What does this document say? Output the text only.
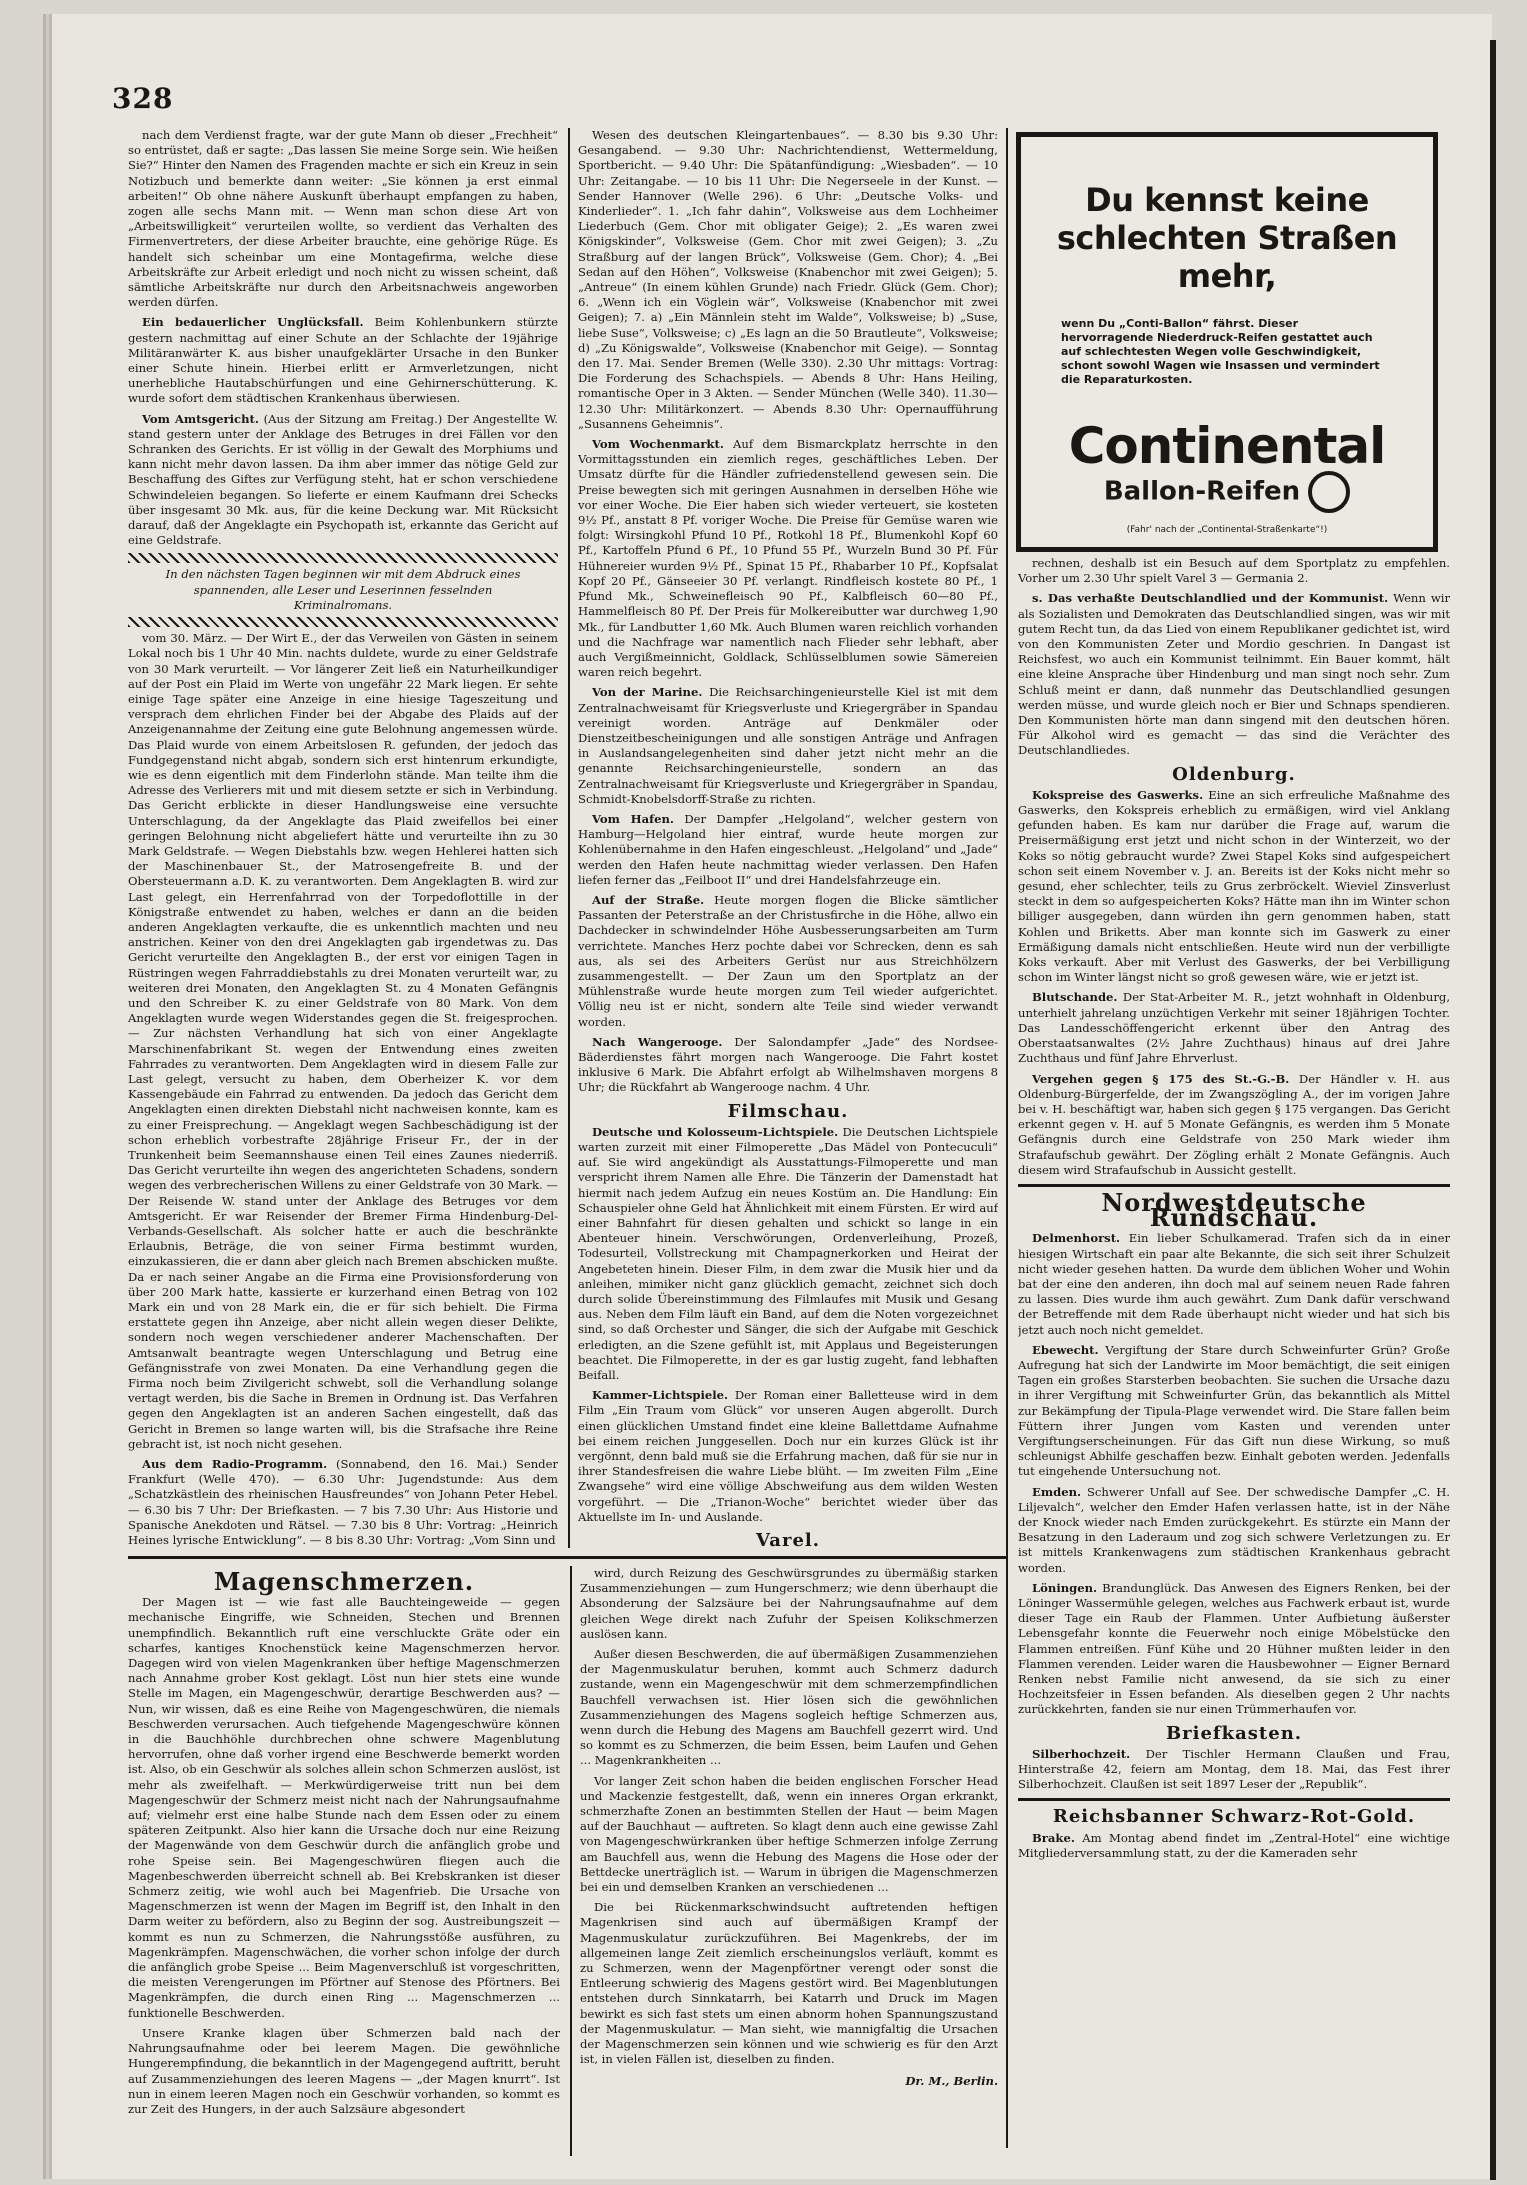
328

nach dem Verdienst fragte, war der gute Mann ob dieser „Frechheit“ so entrüstet, daß er sagte: „Das lassen Sie meine Sorge sein. Wie heißen Sie?“ Hinter den Namen des Fragenden machte er sich ein Kreuz in sein Notizbuch und bemerkte dann weiter: „Sie können ja erst einmal arbeiten!“ Ob ohne nähere Auskunft überhaupt empfangen zu haben, zogen alle sechs Mann mit. — Wenn man schon diese Art von „Arbeitswilligkeit“ verurteilen wollte, so verdient das Verhalten des Firmenvertreters, der diese Arbeiter brauchte, eine gehörige Rüge. Es handelt sich scheinbar um eine Montagefirma, welche diese Arbeitskräfte zur Arbeit erledigt und noch nicht zu wissen scheint, daß sämtliche Arbeitskräfte nur durch den Arbeitsnachweis angeworben werden dürfen.

Ein bedauerlicher Unglücksfall. Beim Kohlenbunkern stürzte gestern nachmittag auf einer Schute an der Schlachte der 19jährige Militäranwärter K. aus bisher unaufgeklärter Ursache in den Bunker einer Schute hinein. Hierbei erlitt er Armverletzungen, nicht unerhebliche Hautabschürfungen und eine Gehirnerschütterung. K. wurde sofort dem städtischen Krankenhaus überwiesen.

Vom Amtsgericht. (Aus der Sitzung am Freitag.) Der Angestellte W. stand gestern unter der Anklage des Betruges in drei Fällen vor den Schranken des Gerichts. Er ist völlig in der Gewalt des Morphiums und kann nicht mehr davon lassen. Da ihm aber immer das nötige Geld zur Beschaffung des Giftes zur Verfügung steht, hat er schon verschiedene Schwindeleien begangen. So lieferte er einem Kaufmann drei Schecks über insgesamt 30 Mk. aus, für die keine Deckung war. Mit Rücksicht darauf, daß der Angeklagte ein Psychopath ist, erkannte das Gericht auf eine Geldstrafe.

In den nächsten Tagen beginnen wir mit dem Abdruck eines spannenden, alle Leser und Leserinnen fesselnden Kriminalromans.

vom 30. März. — Der Wirt E., der das Verweilen von Gästen in seinem Lokal noch bis 1 Uhr 40 Min. nachts duldete, wurde zu einer Geldstrafe von 30 Mark verurteilt. — Vor längerer Zeit ließ ein Naturheilkundiger auf der Post ein Plaid im Werte von ungefähr 22 Mark liegen. Er sehte einige Tage später eine Anzeige in eine hiesige Tageszeitung und versprach dem ehrlichen Finder bei der Abgabe des Plaids auf der Anzeigenannahme der Zeitung eine gute Belohnung angemessen würde. Das Plaid wurde von einem Arbeitslosen R. gefunden, der jedoch das Fundgegenstand nicht abgab, sondern sich erst hintenrum erkundigte, wie es denn eigentlich mit dem Finderlohn stände. Man teilte ihm die Adresse des Verlierers mit und mit diesem setzte er sich in Verbindung. Das Gericht erblickte in dieser Handlungsweise eine versuchte Unterschlagung, da der Angeklagte das Plaid zweifellos bei einer geringen Belohnung nicht abgeliefert hätte und verurteilte ihn zu 30 Mark Geldstrafe. — Wegen Diebstahls bzw. wegen Hehlerei hatten sich der Maschinenbauer St., der Matrosengefreite B. und der Obersteuermann a.D. K. zu verantworten. Dem Angeklagten B. wird zur Last gelegt, ein Herrenfahrrad von der Torpedoflottille in der Königstraße entwendet zu haben, welches er dann an die beiden anderen Angeklagten verkaufte, die es unkenntlich machten und neu anstrichen. Keiner von den drei Angeklagten gab irgendetwas zu. Das Gericht verurteilte den Angeklagten B., der erst vor einigen Tagen in Rüstringen wegen Fahrraddiebstahls zu drei Monaten verurteilt war, zu weiteren drei Monaten, den Angeklagten St. zu 4 Monaten Gefängnis und den Schreiber K. zu einer Geldstrafe von 80 Mark. Von dem Angeklagten wurde wegen Widerstandes gegen die St. freigesprochen. — Zur nächsten Verhandlung hat sich von einer Angeklagte Marschinenfabrikant St. wegen der Entwendung eines zweiten Fahrrades zu verantworten. Dem Angeklagten wird in diesem Falle zur Last gelegt, versucht zu haben, dem Oberheizer K. vor dem Kassengebäude ein Fahrrad zu entwenden. Da jedoch das Gericht dem Angeklagten einen direkten Diebstahl nicht nachweisen konnte, kam es zu einer Freisprechung. — Angeklagt wegen Sachbeschädigung ist der schon erheblich vorbestrafte 28jährige Friseur Fr., der in der Trunkenheit beim Seemannshause einen Teil eines Zaunes niederriß. Das Gericht verurteilte ihn wegen des angerichteten Schadens, sondern wegen des verbrecherischen Willens zu einer Geldstrafe von 30 Mark. — Der Reisende W. stand unter der Anklage des Betruges vor dem Amtsgericht. Er war Reisender der Bremer Firma Hindenburg-Del-Verbands-Gesellschaft. Als solcher hatte er auch die beschränkte Erlaubnis, Beträge, die von seiner Firma bestimmt wurden, einzukassieren, die er dann aber gleich nach Bremen abschicken mußte. Da er nach seiner Angabe an die Firma eine Provisionsforderung von über 200 Mark hatte, kassierte er kurzerhand einen Betrag von 102 Mark ein und von 28 Mark ein, die er für sich behielt. Die Firma erstattete gegen ihn Anzeige, aber nicht allein wegen dieser Delikte, sondern noch wegen verschiedener anderer Machenschaften. Der Amtsanwalt beantragte wegen Unterschlagung und Betrug eine Gefängnisstrafe von zwei Monaten. Da eine Verhandlung gegen die Firma noch beim Zivilgericht schwebt, soll die Verhandlung solange vertagt werden, bis die Sache in Bremen in Ordnung ist. Das Verfahren gegen den Angeklagten ist an anderen Sachen eingestellt, daß das Gericht in Bremen so lange warten will, bis die Strafsache ihre Reine gebracht ist, ist noch nicht gesehen.

Aus dem Radio-Programm. (Sonnabend, den 16. Mai.) Sender Frankfurt (Welle 470). — 6.30 Uhr: Jugendstunde: Aus dem „Schatzkästlein des rheinischen Hausfreundes“ von Johann Peter Hebel. — 6.30 bis 7 Uhr: Der Briefkasten. — 7 bis 7.30 Uhr: Aus Historie und Spanische Anekdoten und Rätsel. — 7.30 bis 8 Uhr: Vortrag: „Heinrich Heines lyrische Entwicklung“. — 8 bis 8.30 Uhr: Vortrag: „Vom Sinn und

Wesen des deutschen Kleingartenbaues“. — 8.30 bis 9.30 Uhr: Gesangabend. — 9.30 Uhr: Nachrichtendienst, Wettermeldung, Sportbericht. — 9.40 Uhr: Die Spätanfündigung: „Wiesbaden“. — 10 Uhr: Zeitangabe. — 10 bis 11 Uhr: Die Negerseele in der Kunst. — Sender Hannover (Welle 296). 6 Uhr: „Deutsche Volks- und Kinderlieder“. 1. „Ich fahr dahin“, Volksweise aus dem Lochheimer Liederbuch (Gem. Chor mit obligater Geige); 2. „Es waren zwei Königskinder“, Volksweise (Gem. Chor mit zwei Geigen); 3. „Zu Straßburg auf der langen Brück“, Volksweise (Gem. Chor); 4. „Bei Sedan auf den Höhen“, Volksweise (Knabenchor mit zwei Geigen); 5. „Antreue“ (In einem kühlen Grunde) nach Friedr. Glück (Gem. Chor); 6. „Wenn ich ein Vöglein wär“, Volksweise (Knabenchor mit zwei Geigen); 7. a) „Ein Männlein steht im Walde“, Volksweise; b) „Suse, liebe Suse“, Volksweise; c) „Es lagn an die 50 Brautleute“, Volksweise; d) „Zu Königswalde“, Volksweise (Knabenchor mit Geige). — Sonntag den 17. Mai. Sender Bremen (Welle 330). 2.30 Uhr mittags: Vortrag: Die Forderung des Schachspiels. — Abends 8 Uhr: Hans Heiling, romantische Oper in 3 Akten. — Sender München (Welle 340). 11.30—12.30 Uhr: Militärkonzert. — Abends 8.30 Uhr: Opernaufführung „Susannens Geheimnis“.

Vom Wochenmarkt. Auf dem Bismarckplatz herrschte in den Vormittagsstunden ein ziemlich reges, geschäftliches Leben. Der Umsatz dürfte für die Händler zufriedenstellend gewesen sein. Die Preise bewegten sich mit geringen Ausnahmen in derselben Höhe wie vor einer Woche. Die Eier haben sich wieder verteuert, sie kosteten 9½ Pf., anstatt 8 Pf. voriger Woche. Die Preise für Gemüse waren wie folgt: Wirsingkohl Pfund 10 Pf., Rotkohl 18 Pf., Blumenkohl Kopf 60 Pf., Kartoffeln Pfund 6 Pf., 10 Pfund 55 Pf., Wurzeln Bund 30 Pf. Für Hühnereier wurden 9½ Pf., Spinat 15 Pf., Rhabarber 10 Pf., Kopfsalat Kopf 20 Pf., Gänseeier 30 Pf. verlangt. Rindfleisch kostete 80 Pf., 1 Pfund Mk., Schweinefleisch 90 Pf., Kalbfleisch 60—80 Pf., Hammelfleisch 80 Pf. Der Preis für Molkereibutter war durchweg 1,90 Mk., für Landbutter 1,60 Mk. Auch Blumen waren reichlich vorhanden und die Nachfrage war namentlich nach Flieder sehr lebhaft, aber auch Vergißmeinnicht, Goldlack, Schlüsselblumen sowie Sämereien waren reich begehrt.

Von der Marine. Die Reichsarchingenieurstelle Kiel ist mit dem Zentralnachweisamt für Kriegsverluste und Kriegergräber in Spandau vereinigt worden. Anträge auf Denkmäler oder Dienstzeitbescheinigungen und alle sonstigen Anträge und Anfragen in Auslandsangelegenheiten sind daher jetzt nicht mehr an die genannte Reichsarchingenieurstelle, sondern an das Zentralnachweisamt für Kriegsverluste und Kriegergräber in Spandau, Schmidt-Knobelsdorff-Straße zu richten.

Vom Hafen. Der Dampfer „Helgoland“, welcher gestern von Hamburg—Helgoland hier eintraf, wurde heute morgen zur Kohlenübernahme in den Hafen eingeschleust. „Helgoland“ und „Jade“ werden den Hafen heute nachmittag wieder verlassen. Den Hafen liefen ferner das „Feilboot II“ und drei Handelsfahrzeuge ein.

Auf der Straße. Heute morgen flogen die Blicke sämtlicher Passanten der Peterstraße an der Christusfirche in die Höhe, allwo ein Dachdecker in schwindelnder Höhe Ausbesserungsarbeiten am Turm verrichtete. Manches Herz pochte dabei vor Schrecken, denn es sah aus, als sei des Arbeiters Gerüst nur aus Streichhölzern zusammengestellt. — Der Zaun um den Sportplatz an der Mühlenstraße wurde heute morgen zum Teil wieder aufgerichtet. Völlig neu ist er nicht, sondern alte Teile sind wieder verwandt worden.

Nach Wangerooge. Der Salondampfer „Jade“ des Nordsee-Bäderdienstes fährt morgen nach Wangerooge. Die Fahrt kostet inklusive 6 Mark. Die Abfahrt erfolgt ab Wilhelmshaven morgens 8 Uhr; die Rückfahrt ab Wangerooge nachm. 4 Uhr.

Filmschau.

Deutsche und Kolosseum-Lichtspiele. Die Deutschen Lichtspiele warten zurzeit mit einer Filmoperette „Das Mädel von Pontecuculi“ auf. Sie wird angekündigt als Ausstattungs-Filmoperette und man verspricht ihrem Namen alle Ehre. Die Tänzerin der Damenstadt hat hiermit nach jedem Aufzug ein neues Kostüm an. Die Handlung: Ein Schauspieler ohne Geld hat Ähnlichkeit mit einem Fürsten. Er wird auf einer Bahnfahrt für diesen gehalten und schickt so lange in ein Abenteuer hinein. Verschwörungen, Ordenverleihung, Prozeß, Todesurteil, Vollstreckung mit Champagnerkorken und Heirat der Angebeteten hinein. Dieser Film, in dem zwar die Musik hier und da anleihen, mimiker nicht ganz glücklich gemacht, zeichnet sich doch durch solide Übereinstimmung des Filmlaufes mit Musik und Gesang aus. Neben dem Film läuft ein Band, auf dem die Noten vorgezeichnet sind, so daß Orchester und Sänger, die sich der Aufgabe mit Geschick erledigten, an die Szene gefühlt ist, mit Applaus und Begeisterungen beachtet. Die Filmoperette, in der es gar lustig zugeht, fand lebhaften Beifall.

Kammer-Lichtspiele. Der Roman einer Balletteuse wird in dem Film „Ein Traum vom Glück“ vor unseren Augen abgerollt. Durch einen glücklichen Umstand findet eine kleine Ballettdame Aufnahme bei einem reichen Junggesellen. Doch nur ein kurzes Glück ist ihr vergönnt, denn bald muß sie die Erfahrung machen, daß für sie nur in ihrer Standesfreisen die wahre Liebe blüht. — Im zweiten Film „Eine Zwangsehe“ wird eine völlige Abschweifung aus dem wilden Westen vorgeführt. — Die „Trianon-Woche“ berichtet wieder über das Aktuellste im In- und Auslande.

Varel.

Du kennst keine schlechten Straßen mehr,
wenn Du „Conti-Ballon“ fährst. Dieser hervorragende Niederdruck-Reifen gestattet auch auf schlechtesten Wegen volle Geschwindigkeit, schont sowohl Wagen wie Insassen und vermindert die Reparaturkosten.
Continental
Ballon-Reifen
(Fahr' nach der „Continental-Straßenkarte“!)

rechnen, deshalb ist ein Besuch auf dem Sportplatz zu empfehlen. Vorher um 2.30 Uhr spielt Varel 3 — Germania 2.

s. Das verhaßte Deutschlandlied und der Kommunist. Wenn wir als Sozialisten und Demokraten das Deutschlandlied singen, was wir mit gutem Recht tun, da das Lied von einem Republikaner gedichtet ist, wird von den Kommunisten Zeter und Mordio geschrien. In Dangast ist Reichsfest, wo auch ein Kommunist teilnimmt. Ein Bauer kommt, hält eine kleine Ansprache über Hindenburg und man singt noch sehr. Zum Schluß meint er dann, daß nunmehr das Deutschlandlied gesungen werden müsse, und wurde gleich noch er Bier und Schnaps spendieren. Den Kommunisten hörte man dann singend mit den deutschen hören. Für Alkohol wird es gemacht — das sind die Verächter des Deutschlandliedes.

Oldenburg.

Kokspreise des Gaswerks. Eine an sich erfreuliche Maßnahme des Gaswerks, den Kokspreis erheblich zu ermäßigen, wird viel Anklang gefunden haben. Es kam nur darüber die Frage auf, warum die Preisermäßigung erst jetzt und nicht schon in der Winterzeit, wo der Koks so nötig gebraucht wurde? Zwei Stapel Koks sind aufgespeichert schon seit einem November v. J. an. Bereits ist der Koks nicht mehr so gesund, eher schlechter, teils zu Grus zerbröckelt. Wieviel Zinsverlust steckt in dem so aufgespeicherten Koks? Hätte man ihn im Winter schon billiger ausgegeben, dann würden ihn gern genommen haben, statt Kohlen und Briketts. Aber man konnte sich im Gaswerk zu einer Ermäßigung damals nicht entschließen. Heute wird nun der verbilligte Koks verkauft. Aber mit Verlust des Gaswerks, der bei Verbilligung schon im Winter längst nicht so groß gewesen wäre, wie er jetzt ist.

Blutschande. Der Stat-Arbeiter M. R., jetzt wohnhaft in Oldenburg, unterhielt jahrelang unzüchtigen Verkehr mit seiner 18jährigen Tochter. Das Landesschöffengericht erkennt über den Antrag des Oberstaatsanwaltes (2½ Jahre Zuchthaus) hinaus auf drei Jahre Zuchthaus und fünf Jahre Ehrverlust.

Vergehen gegen § 175 des St.-G.-B. Der Händler v. H. aus Oldenburg-Bürgerfelde, der im Zwangszögling A., der im vorigen Jahre bei v. H. beschäftigt war, haben sich gegen § 175 vergangen. Das Gericht erkennt gegen v. H. auf 5 Monate Gefängnis, es werden ihm 5 Monate Gefängnis durch eine Geldstrafe von 250 Mark wieder ihm Strafaufschub gewährt. Der Zögling erhält 2 Monate Gefängnis. Auch diesem wird Strafaufschub in Aussicht gestellt.

Nordwestdeutsche Rundschau.

Delmenhorst. Ein lieber Schulkamerad. Trafen sich da in einer hiesigen Wirtschaft ein paar alte Bekannte, die sich seit ihrer Schulzeit nicht wieder gesehen hatten. Da wurde dem üblichen Woher und Wohin bat der eine den anderen, ihn doch mal auf seinem neuen Rade fahren zu lassen. Dies wurde ihm auch gewährt. Zum Dank dafür verschwand der Betreffende mit dem Rade überhaupt nicht wieder und hat sich bis jetzt auch noch nicht gemeldet.

Ebewecht. Vergiftung der Stare durch Schweinfurter Grün? Große Aufregung hat sich der Landwirte im Moor bemächtigt, die seit einigen Tagen ein großes Starsterben beobachten. Sie suchen die Ursache dazu in ihrer Vergiftung mit Schweinfurter Grün, das bekanntlich als Mittel zur Bekämpfung der Tipula-Plage verwendet wird. Die Stare fallen beim Füttern ihrer Jungen vom Kasten und verenden unter Vergiftungserscheinungen. Für das Gift nun diese Wirkung, so muß schleunigst Abhilfe geschaffen bezw. Einhalt geboten werden. Jedenfalls tut eingehende Untersuchung not.

Emden. Schwerer Unfall auf See. Der schwedische Dampfer „C. H. Liljevalch“, welcher den Emder Hafen verlassen hatte, ist in der Nähe der Knock wieder nach Emden zurückgekehrt. Es stürzte ein Mann der Besatzung in den Laderaum und zog sich schwere Verletzungen zu. Er ist mittels Krankenwagens zum städtischen Krankenhaus gebracht worden.

Löningen. Brandunglück. Das Anwesen des Eigners Renken, bei der Löninger Wassermühle gelegen, welches aus Fachwerk erbaut ist, wurde dieser Tage ein Raub der Flammen. Unter Aufbietung äußerster Lebensgefahr konnte die Feuerwehr noch einige Möbelstücke den Flammen entreißen. Fünf Kühe und 20 Hühner mußten leider in den Flammen verenden. Leider waren die Hausbewohner — Eigner Bernard Renken nebst Familie nicht anwesend, da sie sich zu einer Hochzeitsfeier in Essen befanden. Als dieselben gegen 2 Uhr nachts zurückkehrten, fanden sie nur einen Trümmerhaufen vor.

Briefkasten.

Silberhochzeit. Der Tischler Hermann Claußen und Frau, Hinterstraße 42, feiern am Montag, dem 18. Mai, das Fest ihrer Silberhochzeit. Claußen ist seit 1897 Leser der „Republik“.

Reichsbanner Schwarz-Rot-Gold.

Brake. Am Montag abend findet im „Zentral-Hotel“ eine wichtige Mitgliederversammlung statt, zu der die Kameraden sehr

Magenschmerzen.

Der Magen ist — wie fast alle Bauchteingeweide — gegen mechanische Eingriffe, wie Schneiden, Stechen und Brennen unempfindlich. Bekanntlich ruft eine verschluckte Gräte oder ein scharfes, kantiges Knochenstück keine Magenschmerzen hervor. Dagegen wird von vielen Magenkranken über heftige Magenschmerzen nach Annahme grober Kost geklagt. Löst nun hier stets eine wunde Stelle im Magen, ein Magengeschwür, derartige Beschwerden aus? — Nun, wir wissen, daß es eine Reihe von Magengeschwüren, die niemals Beschwerden verursachen. Auch tiefgehende Magengeschwüre können in die Bauchhöhle durchbrechen ohne schwere Magenblutung hervorrufen, ohne daß vorher irgend eine Beschwerde bemerkt worden ist. Also, ob ein Geschwür als solches allein schon Schmerzen auslöst, ist mehr als zweifelhaft. — Merkwürdigerweise tritt nun bei dem Magengeschwür der Schmerz meist nicht nach der Nahrungsaufnahme auf; vielmehr erst eine halbe Stunde nach dem Essen oder zu einem späteren Zeitpunkt. Also hier kann die Ursache doch nur eine Reizung der Magenwände von dem Geschwür durch die anfänglich grobe und rohe Speise sein. Bei Magengeschwüren fliegen auch die Magenbeschwerden überreicht schnell ab. Bei Krebskranken ist dieser Schmerz zeitig, wie wohl auch bei Magenfrieb. Die Ursache von Magenschmerzen ist wenn der Magen im Begriff ist, den Inhalt in den Darm weiter zu befördern, also zu Beginn der sog. Austreibungszeit — kommt es nun zu Schmerzen, die Nahrungsstöße ausführen, zu Magenkrämpfen. Magenschwächen, die vorher schon infolge der durch die anfänglich grobe Speise ... Beim Magenverschluß ist vorgeschritten, die meisten Verengerungen im Pförtner auf Stenose des Pförtners. Bei Magenkrämpfen, die durch einen Ring ... Magenschmerzen ... funktionelle Beschwerden.

Unsere Kranke klagen über Schmerzen bald nach der Nahrungsaufnahme oder bei leerem Magen. Die gewöhnliche Hungerempfindung, die bekanntlich in der Magengegend auftritt, beruht auf Zusammenziehungen des leeren Magens — „der Magen knurrt“. Ist nun in einem leeren Magen noch ein Geschwür vorhanden, so kommt es zur Zeit des Hungers, in der auch Salzsäure abgesondert

wird, durch Reizung des Geschwürsgrundes zu übermäßig starken Zusammenziehungen — zum Hungerschmerz; wie denn überhaupt die Absonderung der Salzsäure bei der Nahrungsaufnahme auf dem gleichen Wege direkt nach Zufuhr der Speisen Kolikschmerzen auslösen kann.

Außer diesen Beschwerden, die auf übermäßigen Zusammenziehen der Magenmuskulatur beruhen, kommt auch Schmerz dadurch zustande, wenn ein Magengeschwür mit dem schmerzempfindlichen Bauchfell verwachsen ist. Hier lösen sich die gewöhnlichen Zusammenziehungen des Magens sogleich heftige Schmerzen aus, wenn durch die Hebung des Magens am Bauchfell gezerrt wird. Und so kommt es zu Schmerzen, die beim Essen, beim Laufen und Gehen ... Magenkrankheiten ...

Vor langer Zeit schon haben die beiden englischen Forscher Head und Mackenzie festgestellt, daß, wenn ein inneres Organ erkrankt, schmerzhafte Zonen an bestimmten Stellen der Haut — beim Magen auf der Bauchhaut — auftreten. So klagt denn auch eine gewisse Zahl von Magengeschwürkranken über heftige Schmerzen infolge Zerrung am Bauchfell aus, wenn die Hebung des Magens die Hose oder der Bettdecke unerträglich ist. — Warum in übrigen die Magenschmerzen bei ein und demselben Kranken an verschiedenen ...

Die bei Rückenmarkschwindsucht auftretenden heftigen Magenkrisen sind auch auf übermäßigen Krampf der Magenmuskulatur zurückzuführen. Bei Magenkrebs, der im allgemeinen lange Zeit ziemlich erscheinungslos verläuft, kommt es zu Schmerzen, wenn der Magenpförtner verengt oder sonst die Entleerung schwierig des Magens gestört wird. Bei Magenblutungen entstehen durch Sinnkatarrh, bei Katarrh und Druck im Magen bewirkt es sich fast stets um einen abnorm hohen Spannungszustand der Magenmuskulatur. — Man sieht, wie mannigfaltig die Ursachen der Magenschmerzen sein können und wie schwierig es für den Arzt ist, in vielen Fällen ist, dieselben zu finden.

Dr. M., Berlin.
